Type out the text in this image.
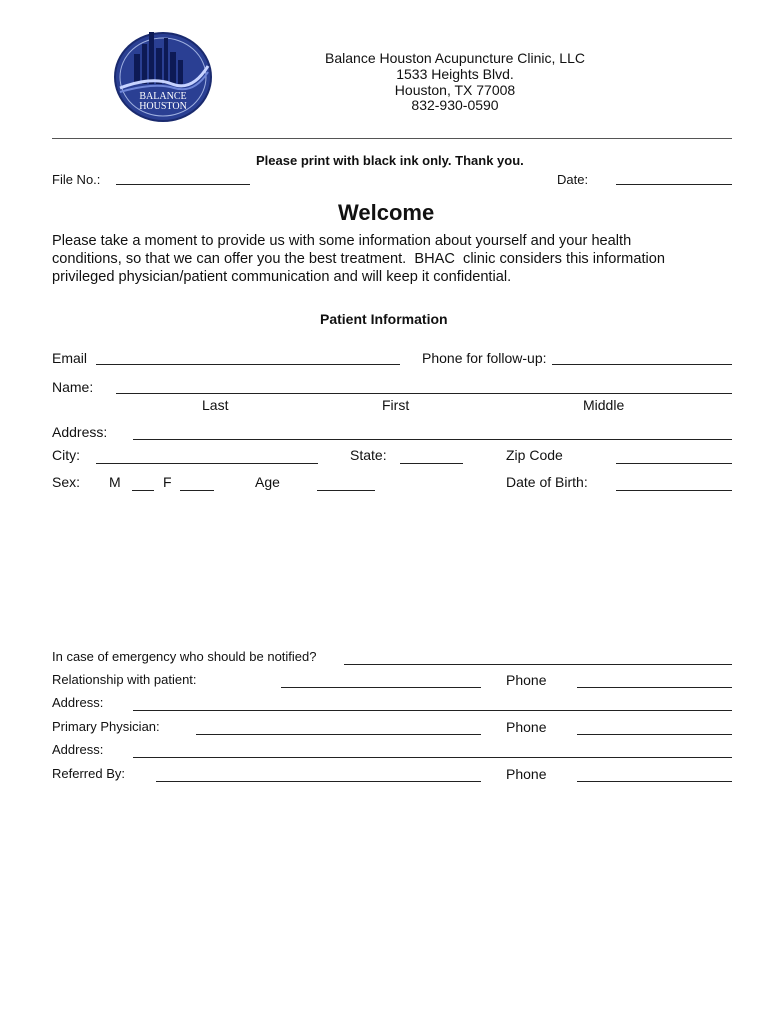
BALANCE
HOUSTON
Balance Houston Acupuncture Clinic, LLC
1533 Heights Blvd.
Houston, TX 77008
832-930-0590
Please print with black ink only. Thank you.
File No.:	Date:
Welcome
Please take a moment to provide us with some information about yourself and your health
conditions, so that we can offer you the best treatment. BHAC clinic considers this information
privileged physician/patient communication and will keep it confidential.
Patient Information
Email	Phone for follow-up:
Name:
Last	First	Middle
Address:
City:	State:	Zip Code
Sex: M	F	Age	Date of Birth:
In case of emergency who should be notified?
Relationship with patient:	Phone
Address:
Primary Physician:	Phone
Address:
Referred By:	Phone
